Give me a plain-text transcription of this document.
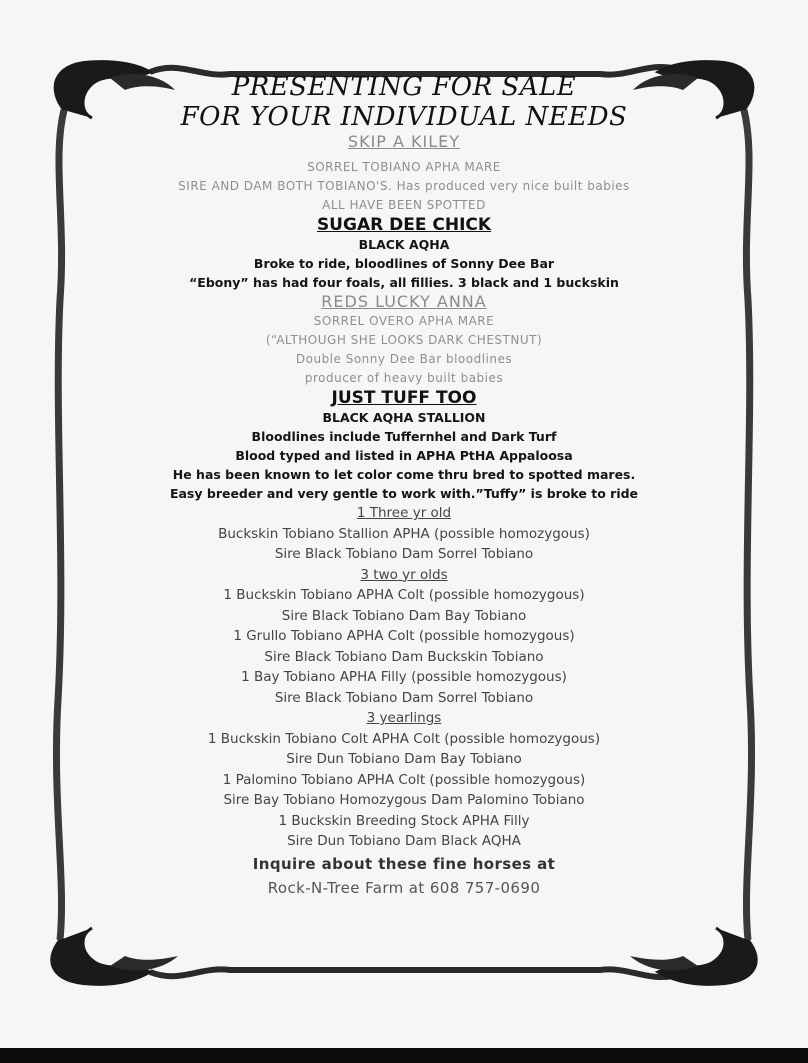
PRESENTING FOR SALE
FOR YOUR INDIVIDUAL NEEDS
SKIP A KILEY
SORREL TOBIANO APHA MARE
SIRE AND DAM BOTH TOBIANO'S. Has produced very nice built babies
ALL HAVE BEEN SPOTTED
SUGAR DEE CHICK
BLACK AQHA
Broke to ride, bloodlines of Sonny Dee Bar
“Ebony” has had four foals, all fillies. 3 black and 1 buckskin
REDS LUCKY ANNA
SORREL OVERO APHA MARE
(“ALTHOUGH SHE LOOKS DARK CHESTNUT)
Double Sonny Dee Bar bloodlines
producer of heavy built babies
JUST TUFF TOO
BLACK AQHA STALLION
Bloodlines include Tuffernhel and Dark Turf
Blood typed and listed in APHA PtHA Appaloosa
He has been known to let color come thru bred to spotted mares.
Easy breeder and very gentle to work with.”Tuffy” is broke to ride
1 Three yr old
Buckskin Tobiano Stallion APHA (possible homozygous)
Sire Black Tobiano Dam Sorrel Tobiano
3 two yr olds
1 Buckskin Tobiano APHA Colt (possible homozygous)
Sire Black Tobiano Dam Bay Tobiano
1 Grullo Tobiano APHA Colt (possible homozygous)
Sire Black Tobiano Dam Buckskin Tobiano
1 Bay Tobiano APHA Filly (possible homozygous)
Sire Black Tobiano Dam Sorrel Tobiano
3 yearlings
1 Buckskin Tobiano Colt APHA Colt (possible homozygous)
Sire Dun Tobiano Dam Bay Tobiano
1 Palomino Tobiano APHA Colt (possible homozygous)
Sire Bay Tobiano Homozygous Dam Palomino Tobiano
1 Buckskin Breeding Stock APHA Filly
Sire Dun Tobiano Dam Black AQHA
Inquire about these fine horses at
Rock-N-Tree Farm at 608 757-0690
